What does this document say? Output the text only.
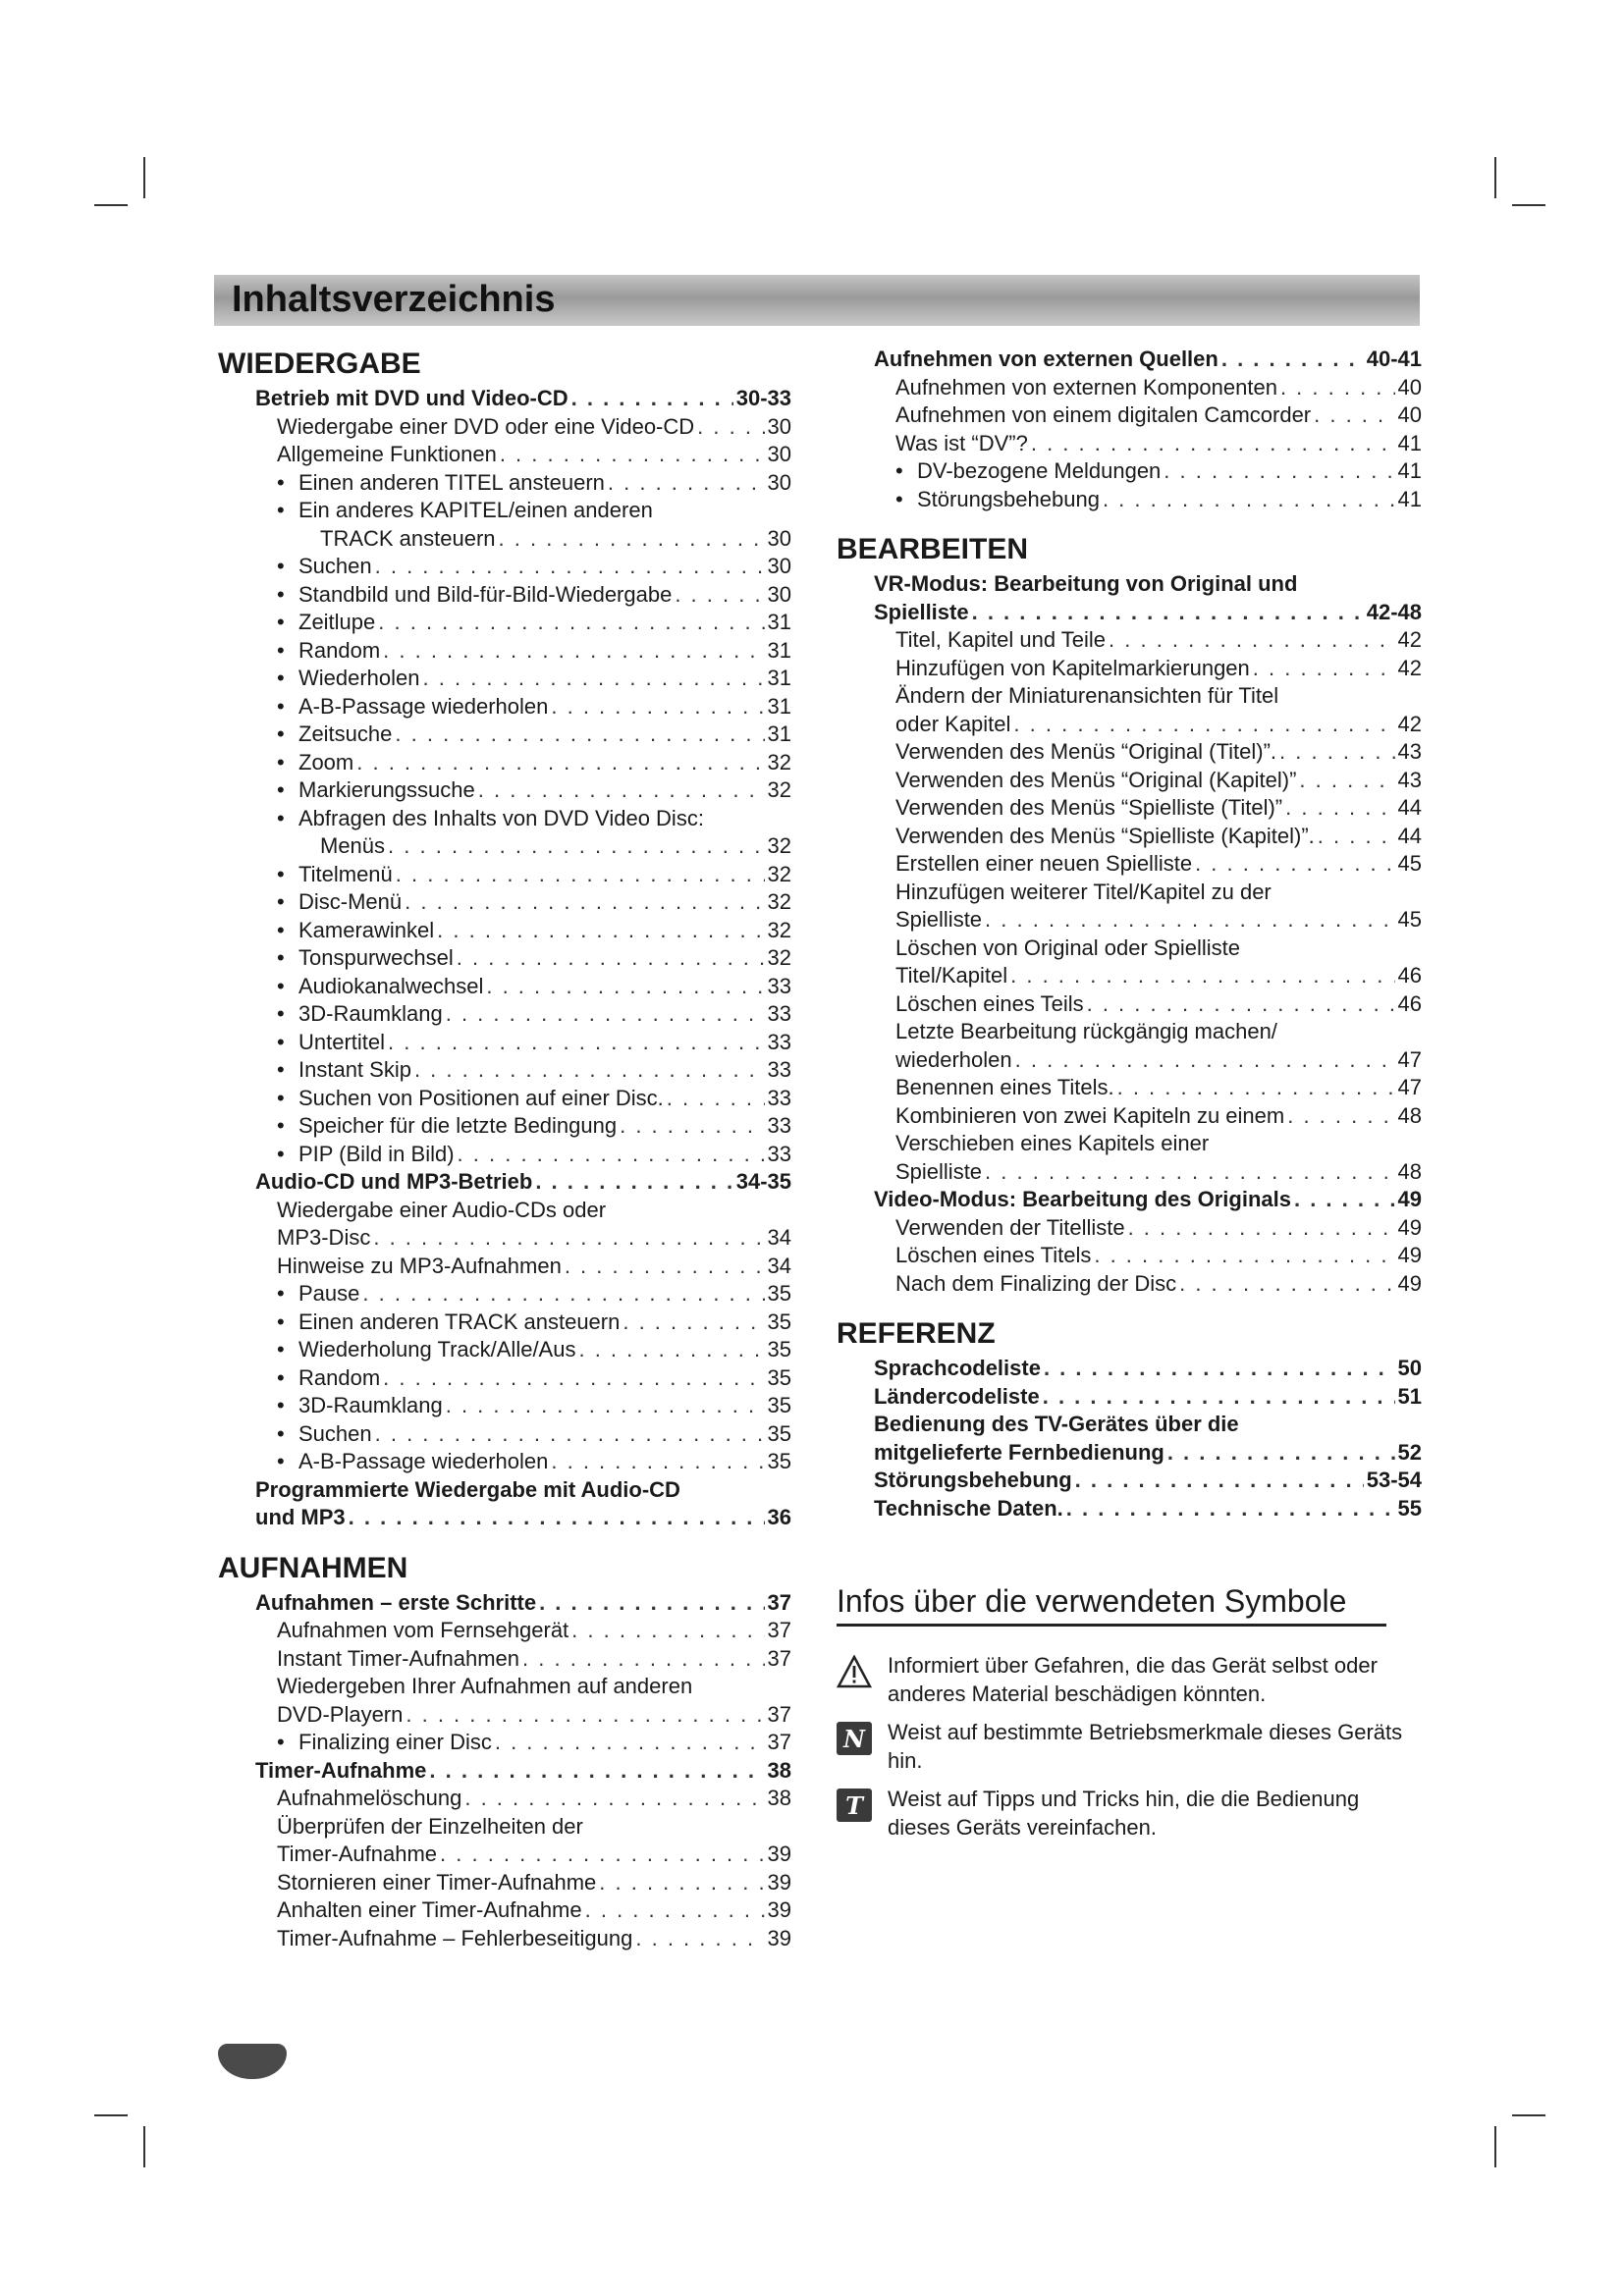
Inhaltsverzeichnis
WIEDERGABE
Betrieb mit DVD und Video-CD . . .	30-33
Wiedergabe einer DVD oder eine Video-CD . . .	30
Allgemeine Funktionen . . .	30
• Einen anderen TITEL ansteuern . . .	30
• Ein anderes KAPITEL/einen anderen
TRACK ansteuern . . .	30
• Suchen . . .	30
• Standbild und Bild-für-Bild-Wiedergabe . . .	30
• Zeitlupe . . .	31
• Random . . .	31
• Wiederholen . . .	31
• A-B-Passage wiederholen . . .	31
• Zeitsuche . . .	31
• Zoom . . .	32
• Markierungssuche . . .	32
• Abfragen des Inhalts von DVD Video Disc:
Menüs . . .	32
• Titelmenü . . .	32
• Disc-Menü . . .	32
• Kamerawinkel . . .	32
• Tonspurwechsel . . .	32
• Audiokanalwechsel . . .	33
• 3D-Raumklang . . .	33
• Untertitel . . .	33
• Instant Skip . . .	33
• Suchen von Positionen auf einer Disc. . . .	33
• Speicher für die letzte Bedingung . . .	33
• PIP (Bild in Bild) . . .	33
Audio-CD und MP3-Betrieb . . .	34-35
Wiedergabe einer Audio-CDs oder
MP3-Disc . . .	34
Hinweise zu MP3-Aufnahmen . . .	34
• Pause . . .	35
• Einen anderen TRACK ansteuern . . .	35
• Wiederholung Track/Alle/Aus . . .	35
• Random . . .	35
• 3D-Raumklang . . .	35
• Suchen . . .	35
• A-B-Passage wiederholen . . .	35
Programmierte Wiedergabe mit Audio-CD
und MP3 . . .	36
AUFNAHMEN
Aufnahmen – erste Schritte . . .	37
Aufnahmen vom Fernsehgerät . . .	37
Instant Timer-Aufnahmen . . .	37
Wiedergeben Ihrer Aufnahmen auf anderen
DVD-Playern . . .	37
• Finalizing einer Disc . . .	37
Timer-Aufnahme . . .	38
Aufnahmelöschung . . .	38
Überprüfen der Einzelheiten der
Timer-Aufnahme . . .	39
Stornieren einer Timer-Aufnahme . . .	39
Anhalten einer Timer-Aufnahme . . .	39
Timer-Aufnahme – Fehlerbeseitigung . . .	39
Aufnehmen von externen Quellen . . .	40-41
Aufnehmen von externen Komponenten . . .	40
Aufnehmen von einem digitalen Camcorder . . .	40
Was ist “DV”? . . .	41
• DV-bezogene Meldungen . . .	41
• Störungsbehebung . . .	41
BEARBEITEN
VR-Modus: Bearbeitung von Original und
Spielliste . . .	42-48
Titel, Kapitel und Teile . . .	42
Hinzufügen von Kapitelmarkierungen . . .	42
Ändern der Miniaturenansichten für Titel
oder Kapitel . . .	42
Verwenden des Menüs “Original (Titel)”. . . .	43
Verwenden des Menüs “Original (Kapitel)” . . .	43
Verwenden des Menüs “Spielliste (Titel)” . . .	44
Verwenden des Menüs “Spielliste (Kapitel)”. . . .	44
Erstellen einer neuen Spielliste . . .	45
Hinzufügen weiterer Titel/Kapitel zu der
Spielliste . . .	45
Löschen von Original oder Spielliste
Titel/Kapitel . . .	46
Löschen eines Teils . . .	46
Letzte Bearbeitung rückgängig machen/
wiederholen . . .	47
Benennen eines Titels. . . .	47
Kombinieren von zwei Kapiteln zu einem . . .	48
Verschieben eines Kapitels einer
Spielliste . . .	48
Video-Modus: Bearbeitung des Originals . . .	49
Verwenden der Titelliste . . .	49
Löschen eines Titels . . .	49
Nach dem Finalizing der Disc . . .	49
REFERENZ
Sprachcodeliste . . .	50
Ländercodeliste . . .	51
Bedienung des TV-Gerätes über die
mitgelieferte Fernbedienung . . .	52
Störungsbehebung . . .	53-54
Technische Daten. . . .	55
Infos über die verwendeten Symbole
Informiert über Gefahren, die das Gerät selbst oder anderes Material beschädigen könnten.
N Weist auf bestimmte Betriebsmerkmale dieses Geräts hin.
T Weist auf Tipps und Tricks hin, die die Bedienung dieses Geräts vereinfachen.
